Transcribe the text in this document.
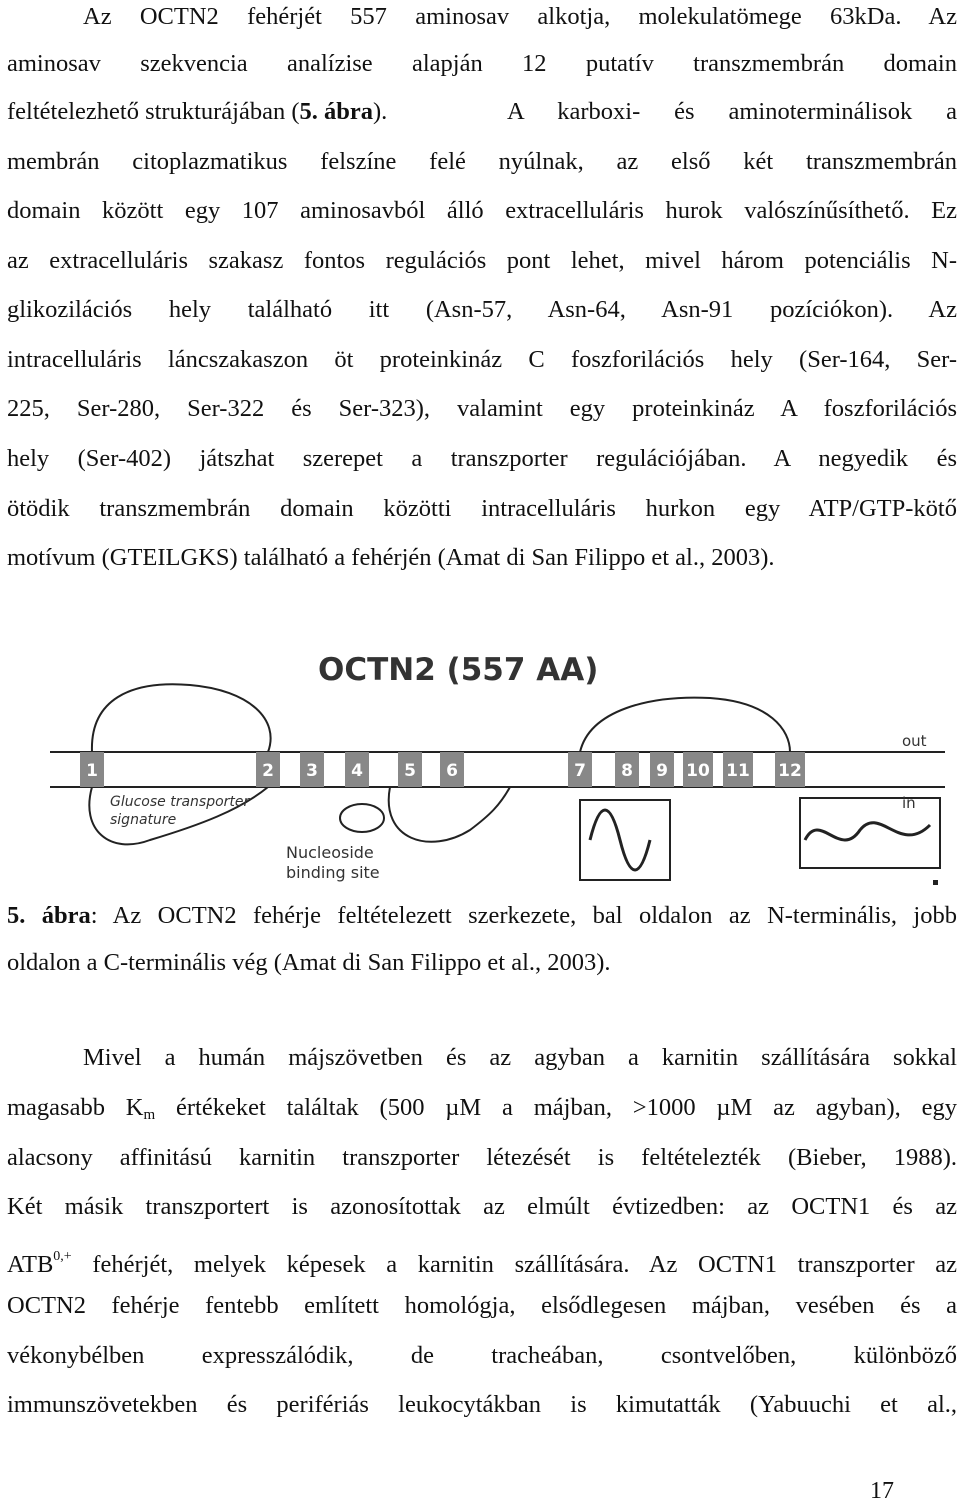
Az OCTN2 fehérjét 557 aminosav alkotja, molekulatömege 63kDa. Az
aminosav szekvencia analízise alapján 12 putatív transzmembrán domain
feltételezhető strukturájában (5. ábra).	A karboxi- és aminoterminálisok a
membrán citoplazmatikus felszíne felé nyúlnak, az első két transzmembrán
domain között egy 107 aminosavból álló extracelluláris hurok valószínűsíthető. Ez
az extracelluláris szakasz fontos regulációs pont lehet, mivel három potenciális N-
glikozilációs hely található itt (Asn-57, Asn-64, Asn-91 pozíciókon). Az
intracelluláris láncszakaszon öt proteinkináz C foszforilációs hely (Ser-164, Ser-
225, Ser-280, Ser-322 és Ser-323), valamint egy proteinkináz A foszforilációs
hely (Ser-402) játszhat szerepet a transzporter regulációjában. A negyedik és
ötödik transzmembrán domain közötti intracelluláris hurkon egy ATP/GTP-kötő
motívum (GTEILGKS) található a fehérjén (Amat di San Filippo et al., 2003).
OCTN2 (557 AA)
1	2 3 4 5 6	7 8 9 10 11 12
out
in
Glucose transporter
signature
Nucleoside
binding site
5. ábra: Az OCTN2 fehérje feltételezett szerkezete, bal oldalon az N-terminális, jobb
oldalon a C-terminális vég (Amat di San Filippo et al., 2003).
Mivel a humán májszövetben és az agyban a karnitin szállítására sokkal
magasabb $K_m$ értékeket találtak (500 µM a májban, >1000 µM az agyban), egy
alacsony affinitású karnitin transzporter létezését is feltételezték (Bieber, 1988).
Két másik transzportert is azonosítottak az elmúlt évtizedben: az OCTN1 és az
$ATB^{0,+}$ fehérjét, melyek képesek a karnitin szállítására. Az OCTN1 transzporter az
OCTN2 fehérje fentebb említett homológja, elsődlegesen májban, vesében és a
vékonybélben expresszálódik, de tracheában, csontvelőben, különböző
immunszövetekben és perifériás leukocytákban is kimutatták (Yabuuchi et al.,
17
